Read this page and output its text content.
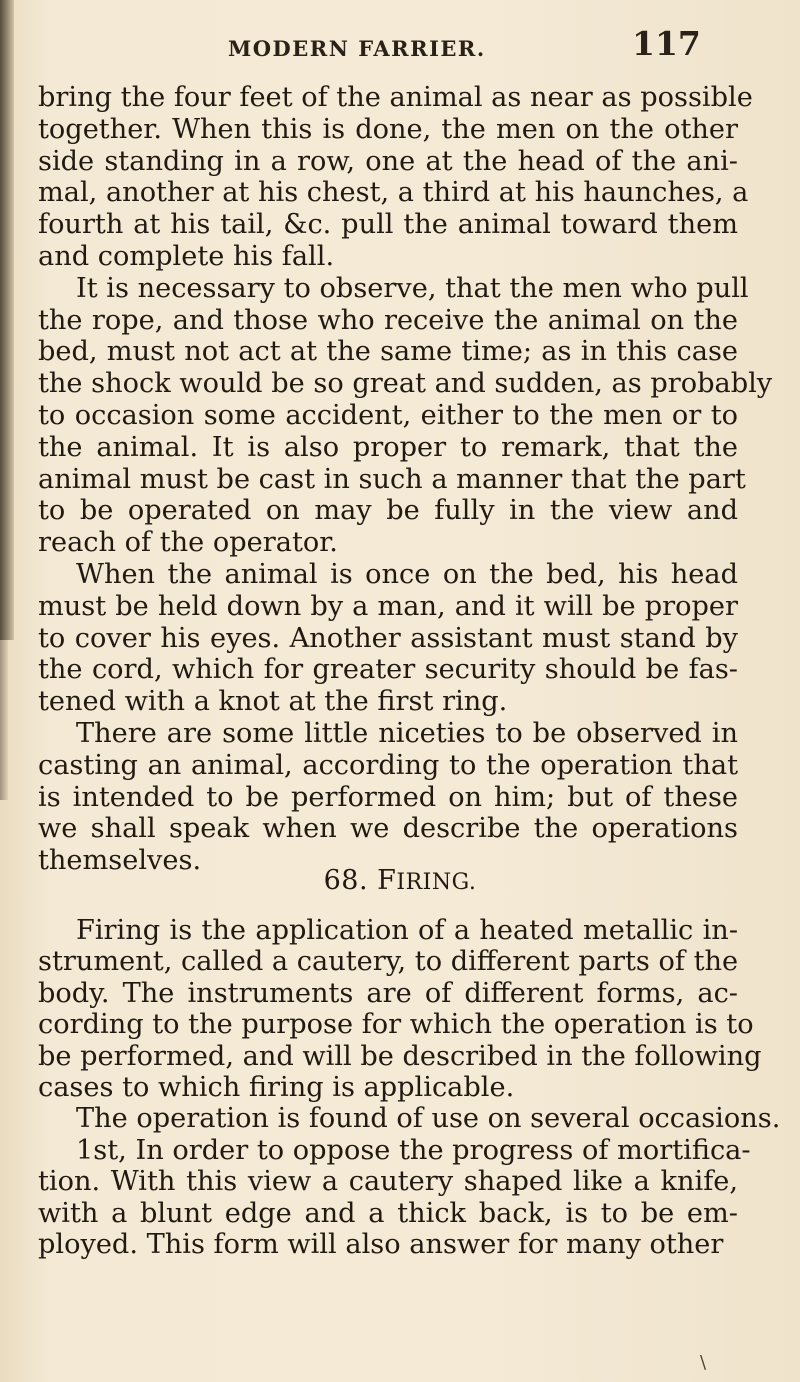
MODERN FARRIER.	117
bring the four feet of the animal as near as possible
together. When this is done, the men on the other
side standing in a row, one at the head of the ani-
mal, another at his chest, a third at his haunches, a
fourth at his tail, &c. pull the animal toward them
and complete his fall.
It is necessary to observe, that the men who pull
the rope, and those who receive the animal on the
bed, must not act at the same time; as in this case
the shock would be so great and sudden, as probably
to occasion some accident, either to the men or to
the animal. It is also proper to remark, that the
animal must be cast in such a manner that the part
to be operated on may be fully in the view and
reach of the operator.
When the animal is once on the bed, his head
must be held down by a man, and it will be proper
to cover his eyes. Another assistant must stand by
the cord, which for greater security should be fas-
tened with a knot at the first ring.
There are some little niceties to be observed in
casting an animal, according to the operation that
is intended to be performed on him; but of these
we shall speak when we describe the operations
themselves.
68. FIRING.
Firing is the application of a heated metallic in-
strument, called a cautery, to different parts of the
body. The instruments are of different forms, ac-
cording to the purpose for which the operation is to
be performed, and will be described in the following
cases to which firing is applicable.
The operation is found of use on several occasions.
1st, In order to oppose the progress of mortifica-
tion. With this view a cautery shaped like a knife,
with a blunt edge and a thick back, is to be em-
ployed. This form will also answer for many other
\
